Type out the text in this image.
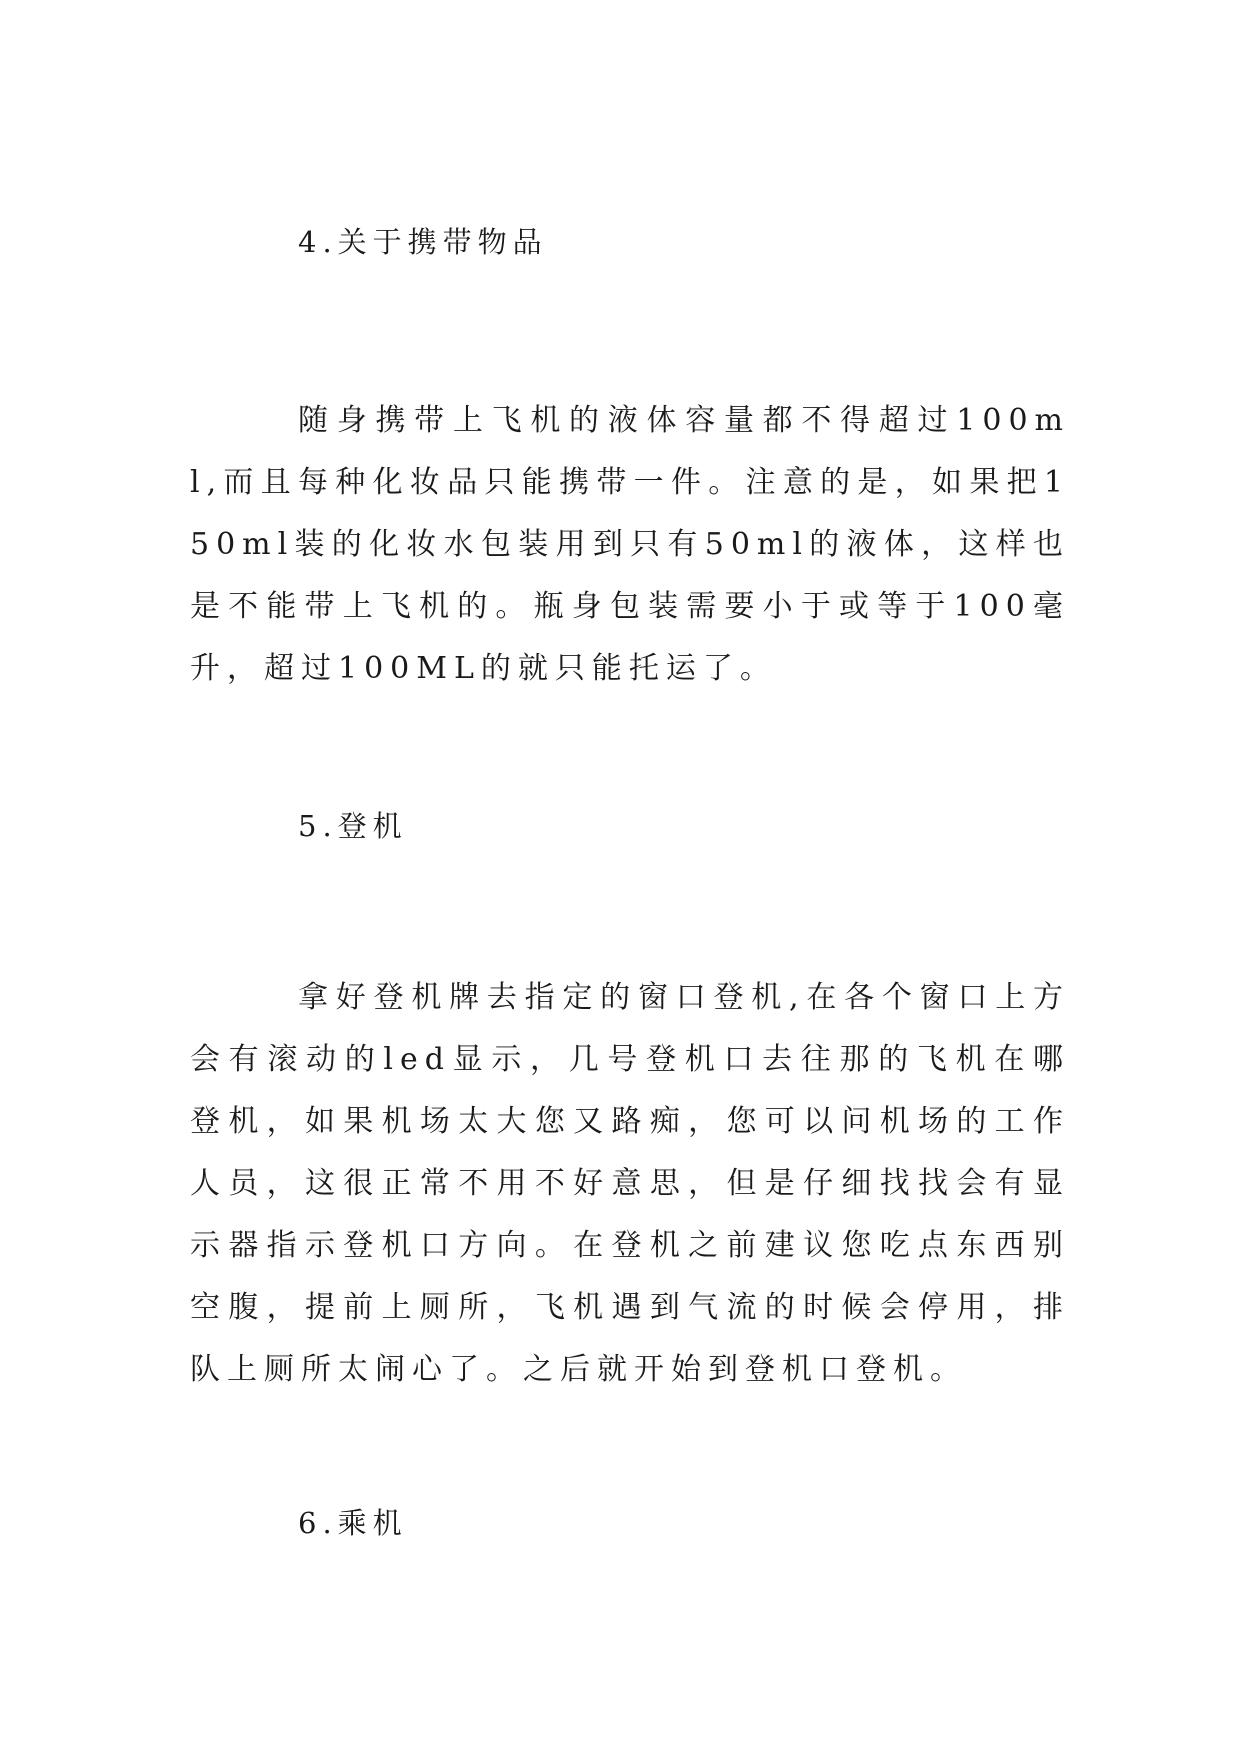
4.关于携带物品

随身携带上飞机的液体容量都不得超过100ml,而且每种化妆品只能携带一件。注意的是，如果把150ml装的化妆水包装用到只有50ml的液体，这样也是不能带上飞机的。瓶身包装需要小于或等于100毫升，超过100ML的就只能托运了。

5.登机

拿好登机牌去指定的窗口登机,在各个窗口上方会有滚动的led显示，几号登机口去往那的飞机在哪登机，如果机场太大您又路痴，您可以问机场的工作人员，这很正常不用不好意思，但是仔细找找会有显示器指示登机口方向。在登机之前建议您吃点东西别空腹，提前上厕所，飞机遇到气流的时候会停用，排队上厕所太闹心了。之后就开始到登机口登机。

6.乘机
